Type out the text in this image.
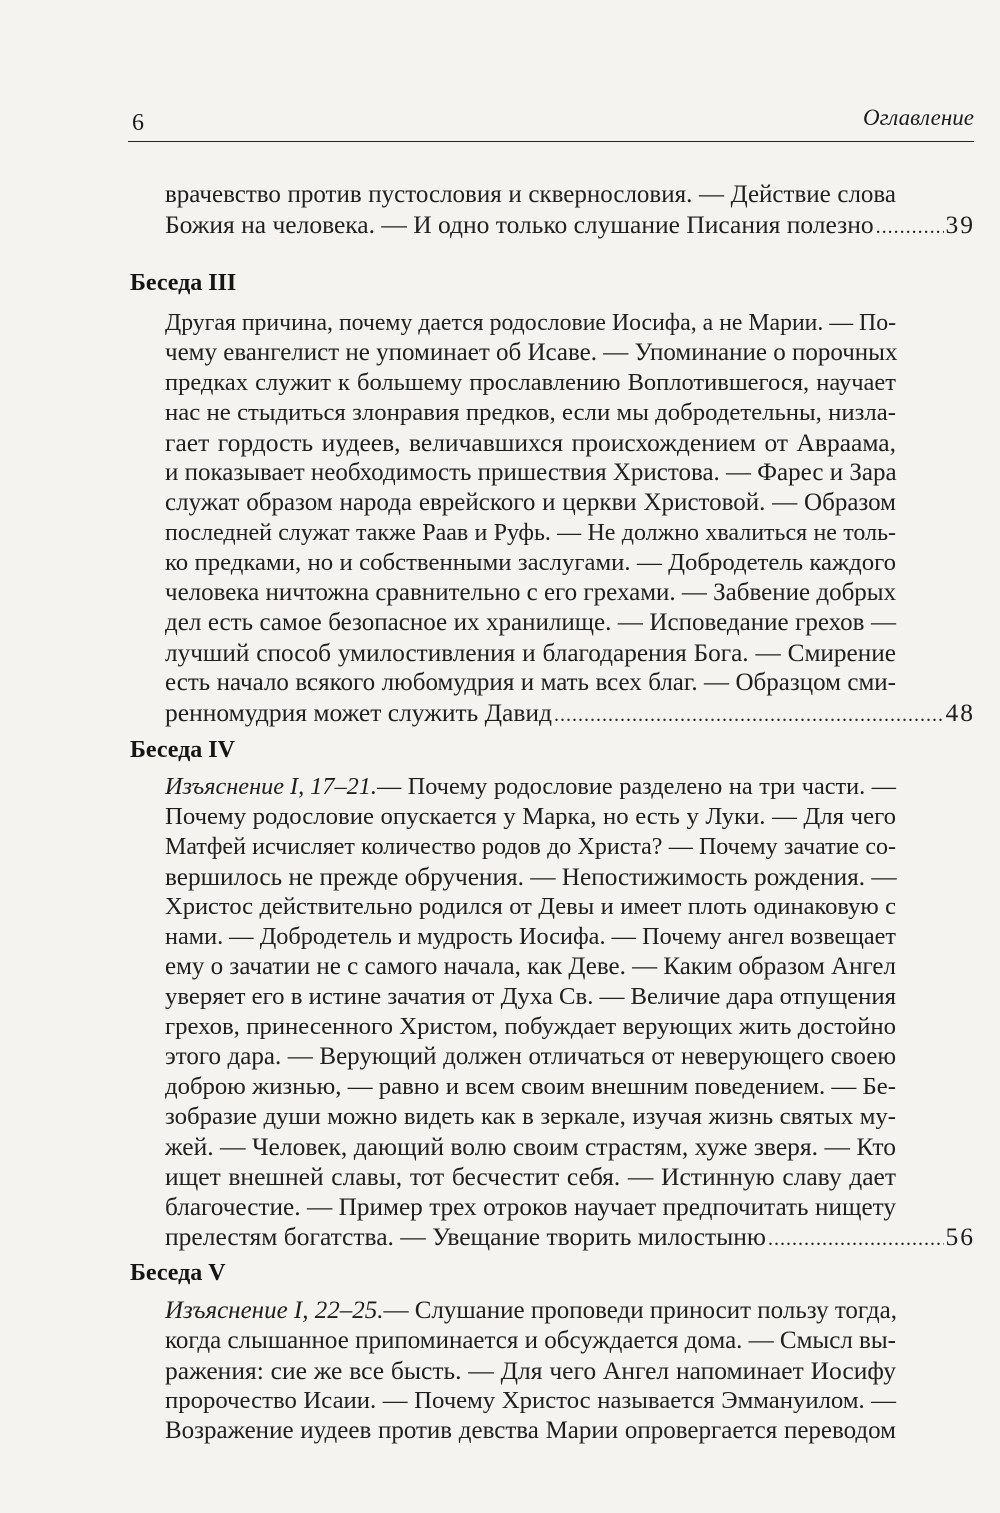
6	Оглавление
врачевство против пустословия и сквернословия. — Действие слова
Божия на человека. — И одно только слушание Писания полезно .....	39
Беседа III
Другая причина, почему дается родословие Иосифа, а не Марии. — По-
чему евангелист не упоминает об Исаве. — Упоминание о порочных
предках служит к большему прославлению Воплотившегося, научает
нас не стыдиться злонравия предков, если мы добродетельны, низла-
гает гордость иудеев, величавшихся происхождением от Авраама,
и показывает необходимость пришествия Христова. — Фарес и Зара
служат образом народа еврейского и церкви Христовой. — Образом
последней служат также Раав и Руфь. — Не должно хвалиться не толь-
ко предками, но и собственными заслугами. — Добродетель каждого
человека ничтожна сравнительно с его грехами. — Забвение добрых
дел есть самое безопасное их хранилище. — Исповедание грехов —
лучший способ умилостивления и благодарения Бога. — Смирение
есть начало всякого любомудрия и мать всех благ. — Образцом сми-
ренномудрия может служить Давид .....	48
Беседа IV
Изъяснение I, 17–21. — Почему родословие разделено на три части. —
Почему родословие опускается у Марка, но есть у Луки. — Для чего
Матфей исчисляет количество родов до Христа? — Почему зачатие со-
вершилось не прежде обручения. — Непостижимость рождения. —
Христос действительно родился от Девы и имеет плоть одинаковую с
нами. — Добродетель и мудрость Иосифа. — Почему ангел возвещает
ему о зачатии не с самого начала, как Деве. — Каким образом Ангел
уверяет его в истине зачатия от Духа Св. — Величие дара отпущения
грехов, принесенного Христом, побуждает верующих жить достойно
этого дара. — Верующий должен отличаться от неверующего своею
доброю жизнью, — равно и всем своим внешним поведением. — Бе-
зобразие души можно видеть как в зеркале, изучая жизнь святых му-
жей. — Человек, дающий волю своим страстям, хуже зверя. — Кто
ищет внешней славы, тот бесчестит себя. — Истинную славу дает
благочестие. — Пример трех отроков научает предпочитать нищету
прелестям богатства. — Увещание творить милостыню .....	56
Беседа V
Изъяснение I, 22–25. — Слушание проповеди приносит пользу тогда,
когда слышанное припоминается и обсуждается дома. — Смысл вы-
ражения: сие же все бысть. — Для чего Ангел напоминает Иосифу
пророчество Исаии. — Почему Христос называется Эммануилом. —
Возражение иудеев против девства Марии опровергается переводом
